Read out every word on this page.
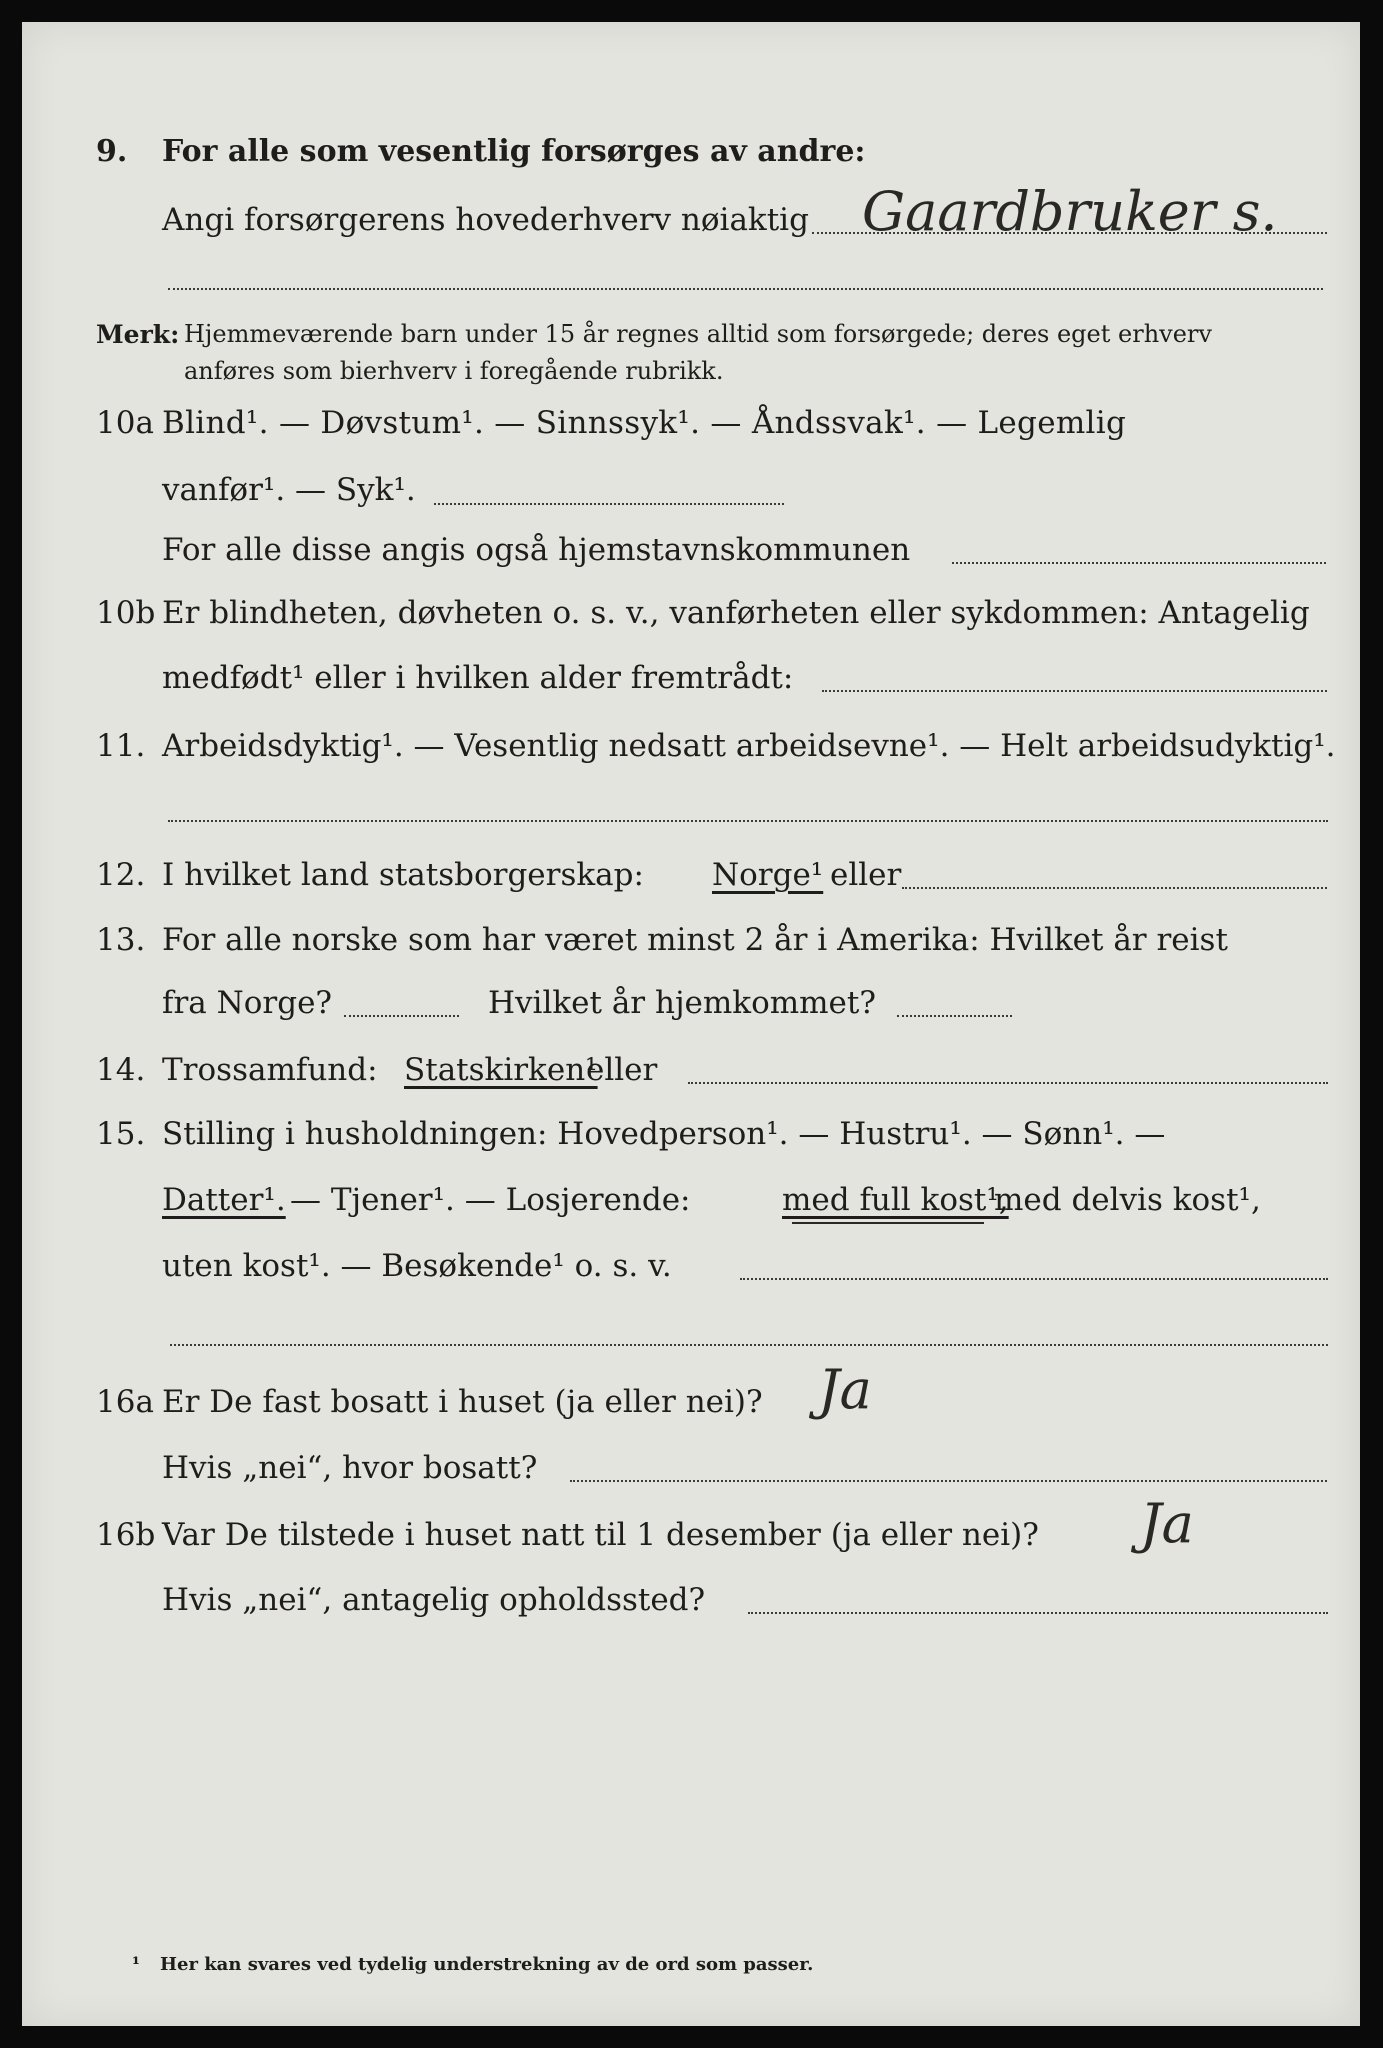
9. For alle som vesentlig forsørges av andre:
Angi forsørgerens hovederhverv nøiaktig Gaardbruker s.
Merk: Hjemmeværende barn under 15 år regnes alltid som forsørgede; deres eget erhverv
anføres som bierhverv i foregående rubrikk.
10a Blind¹. — Døvstum¹. — Sinnssyk¹. — Åndssvak¹. — Legemlig
vanfør¹. — Syk¹.
For alle disse angis også hjemstavnskommunen
10b Er blindheten, døvheten o. s. v., vanførheten eller sykdommen: Antagelig
medfødt¹ eller i hvilken alder fremtrådt:
11. Arbeidsdyktig¹. — Vesentlig nedsatt arbeidsevne¹. — Helt arbeidsudyktig¹.
12. I hvilket land statsborgerskap: Norge¹ eller
13. For alle norske som har været minst 2 år i Amerika: Hvilket år reist
fra Norge?	Hvilket år hjemkommet?
14. Trossamfund: Statskirken¹
eller
15. Stilling i husholdningen: Hovedperson¹. — Hustru¹. — Sønn¹. —
Datter¹. — Tjener¹. — Losjerende:	med full kost¹,
med delvis kost¹,
uten kost¹. — Besøkende¹ o. s. v.
16a Er De fast bosatt i huset (ja eller nei)? Ja
Hvis „nei“, hvor bosatt?
16b Var De tilstede i huset natt til 1 desember (ja eller nei)? Ja
Hvis „nei“, antagelig opholdssted?
¹ Her kan svares ved tydelig understrekning av de ord som passer.
